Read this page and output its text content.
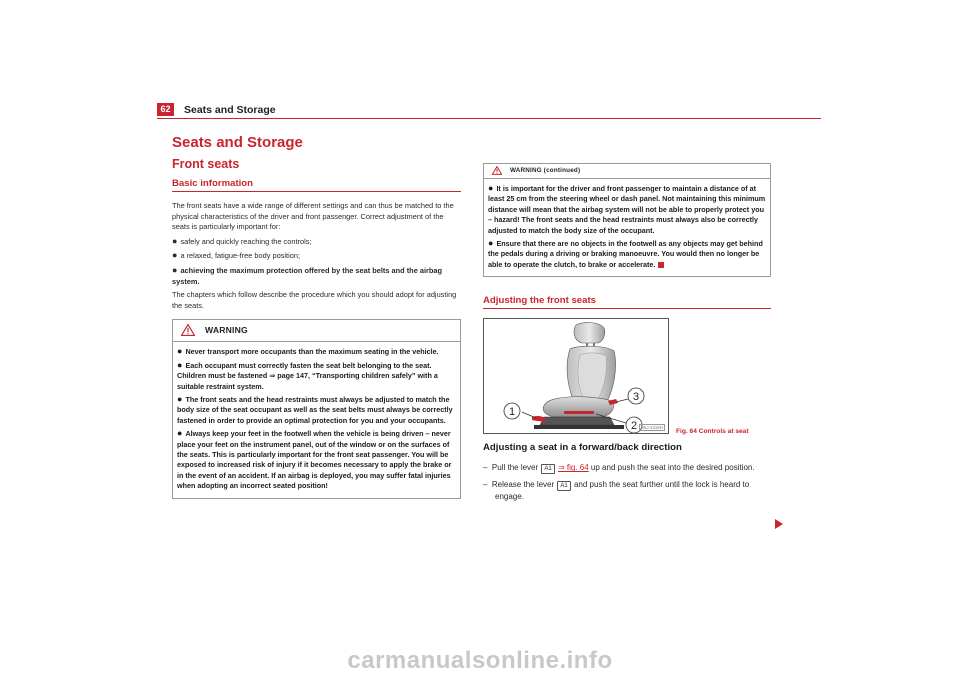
62	Seats and Storage
Seats and Storage
Front seats
Basic information

The front seats have a wide range of different settings and can thus be matched to the physical characteristics of the driver and front passenger. Correct adjustment of the seats is particularly important for:

● safely and quickly reaching the controls;
● a relaxed, fatigue-free body position;
● achieving the maximum protection offered by the seat belts and the airbag system.

The chapters which follow describe the procedure which you should adopt for adjusting the seats.

WARNING
● Never transport more occupants than the maximum seating in the vehicle.
● Each occupant must correctly fasten the seat belt belonging to the seat. Children must be fastened ⇒ page 147, “Transporting children safely” with a suitable restraint system.
● The front seats and the head restraints must always be adjusted to match the body size of the seat occupant as well as the seat belts must always be correctly fastened in order to provide an optimal protection for you and your occupants.
● Always keep your feet in the footwell when the vehicle is being driven – never place your feet on the instrument panel, out of the window or on the surfaces of the seats. This is particularly important for the front seat passenger. You will be exposed to increased risk of injury if it becomes necessary to apply the brake or in the event of an accident. If an airbag is deployed, you may suffer fatal injuries when adopting an incorrect seated position!
WARNING (continued)
● It is important for the driver and front passenger to maintain a distance of at least 25 cm from the steering wheel or dash panel. Not maintaining this minimum distance will mean that the airbag system will not be able to properly protect you – hazard! The front seats and the head restraints must always also be correctly adjusted to match the body size of the occupant.
● Ensure that there are no objects in the footwell as any objects may get behind the pedals during a driving or braking manoeuvre. You would then no longer be able to operate the clutch, to brake or accelerate.
Adjusting the front seats
1
3
2 B5J-2115H
Adjusting a seat in a forward/back direction
– Pull the lever A1 ⇒ fig. 64 up and push the seat into the desired position.
– Release the lever A1 and push the seat further until the lock is heard to engage.
Fig. 64 Controls at seat
carmanualsonline.info
